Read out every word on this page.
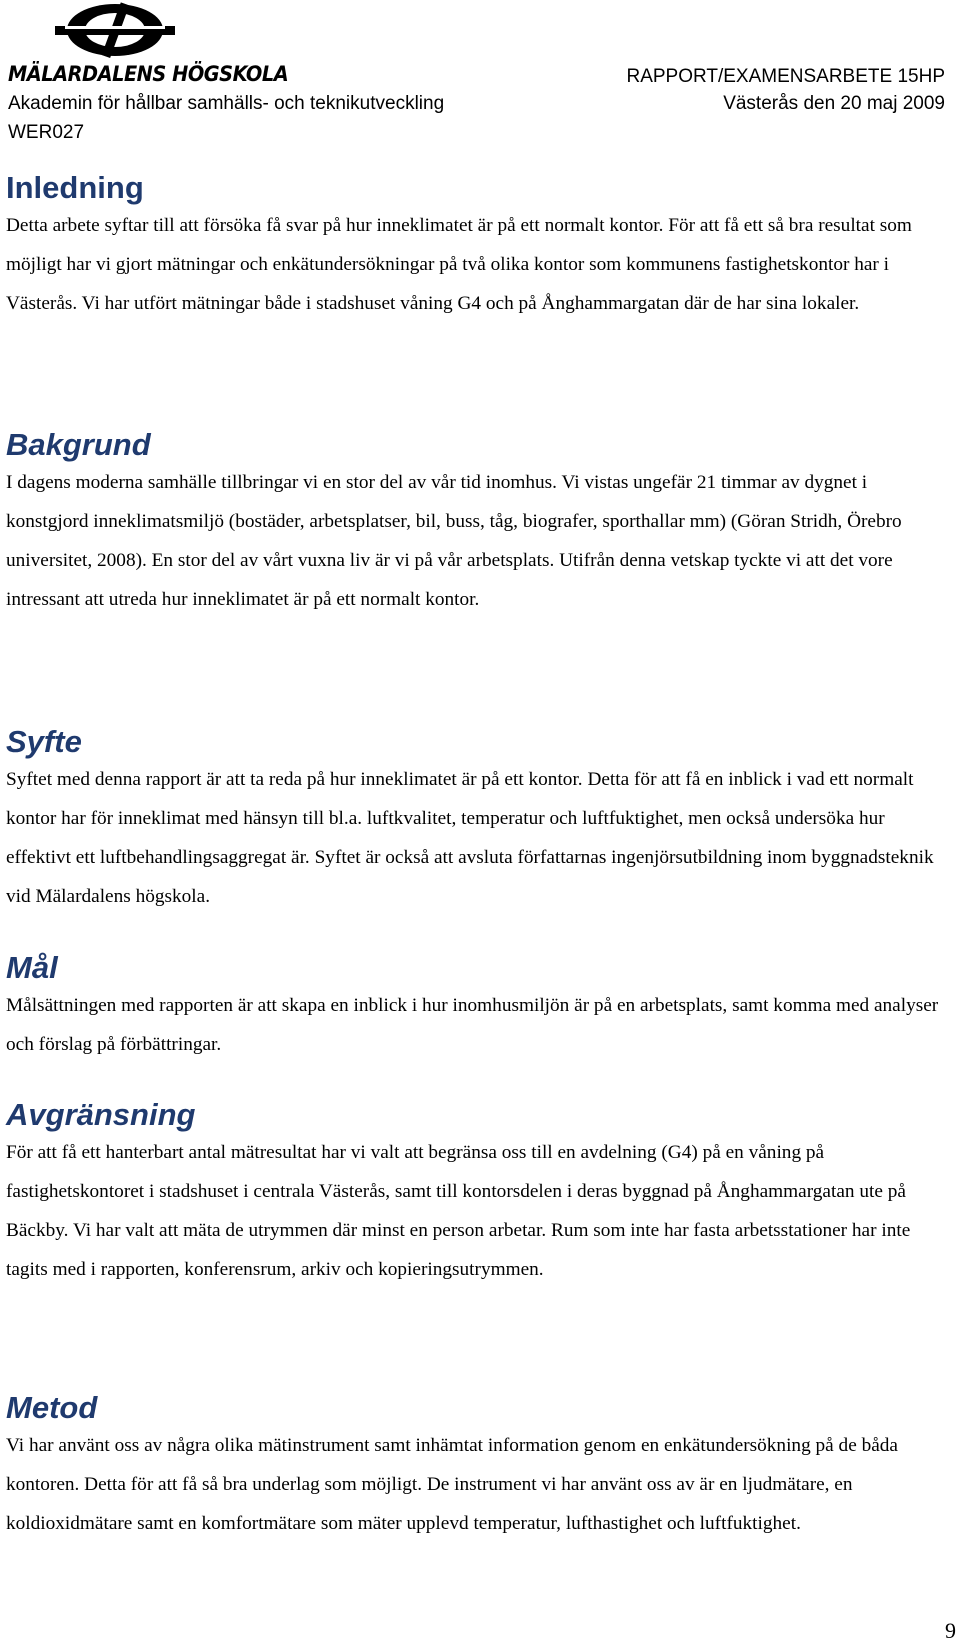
MÄLARDALENS HÖGSKOLA
Akademin för hållbar samhälls- och teknikutveckling
WER027
RAPPORT/EXAMENSARBETE 15HP
Västerås den 20 maj 2009
Inledning

Detta arbete syftar till att försöka få svar på hur inneklimatet är på ett normalt kontor. För att få ett så bra resultat som möjligt har vi gjort mätningar och enkätundersökningar på två olika kontor som kommunens fastighetskontor har i Västerås. Vi har utfört mätningar både i stadshuset våning G4 och på Ånghammargatan där de har sina lokaler.

Bakgrund

I dagens moderna samhälle tillbringar vi en stor del av vår tid inomhus. Vi vistas ungefär 21 timmar av dygnet i konstgjord inneklimatsmiljö (bostäder, arbetsplatser, bil, buss, tåg, biografer, sporthallar mm) (Göran Stridh, Örebro universitet, 2008). En stor del av vårt vuxna liv är vi på vår arbetsplats. Utifrån denna vetskap tyckte vi att det vore intressant att utreda hur inneklimatet är på ett normalt kontor.

Syfte

Syftet med denna rapport är att ta reda på hur inneklimatet är på ett kontor. Detta för att få en inblick i vad ett normalt kontor har för inneklimat med hänsyn till bl.a. luftkvalitet, temperatur och luftfuktighet, men också undersöka hur effektivt ett luftbehandlingsaggregat är. Syftet är också att avsluta författarnas ingenjörsutbildning inom byggnadsteknik vid Mälardalens högskola.

Mål

Målsättningen med rapporten är att skapa en inblick i hur inomhusmiljön är på en arbetsplats, samt komma med analyser och förslag på förbättringar.

Avgränsning

För att få ett hanterbart antal mätresultat har vi valt att begränsa oss till en avdelning (G4) på en våning på fastighetskontoret i stadshuset i centrala Västerås, samt till kontorsdelen i deras byggnad på Ånghammargatan ute på Bäckby. Vi har valt att mäta de utrymmen där minst en person arbetar. Rum som inte har fasta arbetsstationer har inte tagits med i rapporten, konferensrum, arkiv och kopieringsutrymmen.

Metod

Vi har använt oss av några olika mätinstrument samt inhämtat information genom en enkätundersökning på de båda kontoren. Detta för att få så bra underlag som möjligt. De instrument vi har använt oss av är en ljudmätare, en koldioxidmätare samt en komfortmätare som mäter upplevd temperatur, lufthastighet och luftfuktighet.

9
